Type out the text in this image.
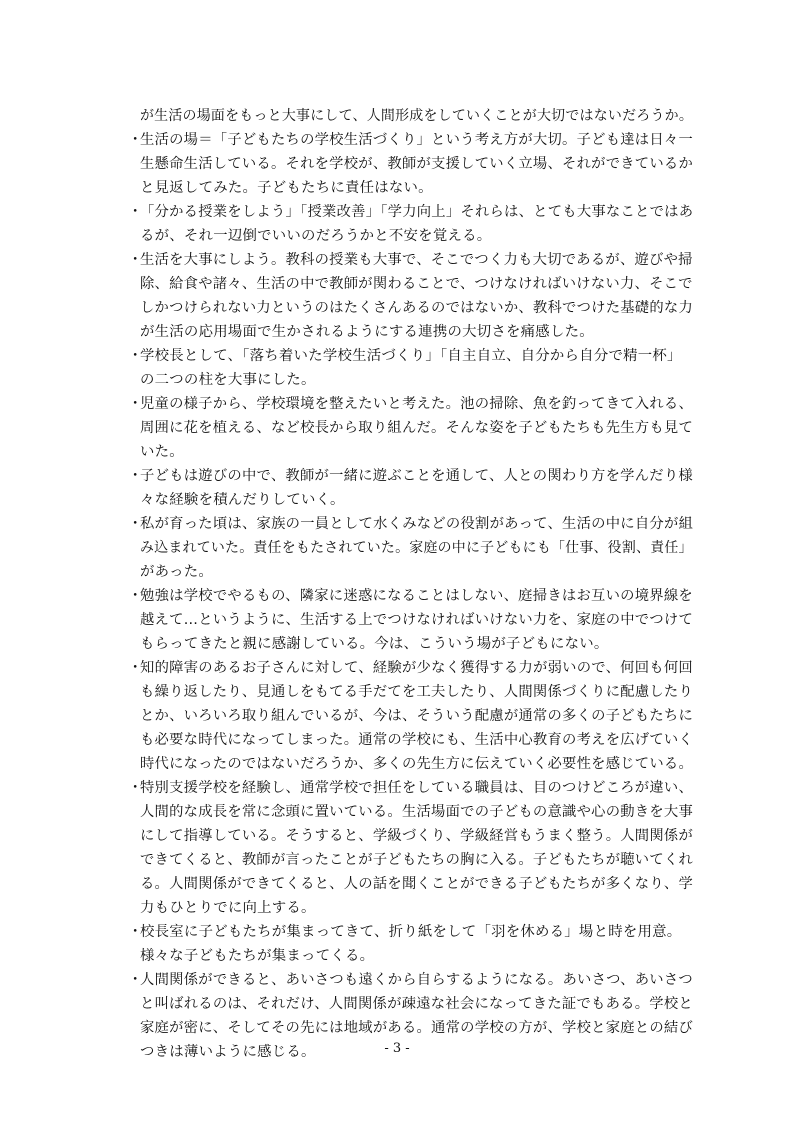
が生活の場面をもっと大事にして、人間形成をしていくことが大切ではないだろうか。
・
生活の場＝「子どもたちの学校生活づくり」という考え方が大切。子ども達は日々一
生懸命生活している。それを学校が、教師が支援していく立場、それができているか
と見返してみた。子どもたちに責任はない。
・
「分かる授業をしよう」「授業改善」「学力向上」それらは、とても大事なことではあ
るが、それ一辺倒でいいのだろうかと不安を覚える。
・
生活を大事にしよう。教科の授業も大事で、そこでつく力も大切であるが、遊びや掃
除、給食や諸々、生活の中で教師が関わることで、つけなければいけない力、そこで
しかつけられない力というのはたくさんあるのではないか、教科でつけた基礎的な力
が生活の応用場面で生かされるようにする連携の大切さを痛感した。
・
学校長として、「落ち着いた学校生活づくり」「自主自立、自分から自分で精一杯」
の二つの柱を大事にした。
・
児童の様子から、学校環境を整えたいと考えた。池の掃除、魚を釣ってきて入れる、
周囲に花を植える、など校長から取り組んだ。そんな姿を子どもたちも先生方も見て
いた。
・
子どもは遊びの中で、教師が一緒に遊ぶことを通して、人との関わり方を学んだり様
々な経験を積んだりしていく。
・
私が育った頃は、家族の一員として水くみなどの役割があって、生活の中に自分が組
み込まれていた。責任をもたされていた。家庭の中に子どもにも「仕事、役割、責任」
があった。
・
勉強は学校でやるもの、隣家に迷惑になることはしない、庭掃きはお互いの境界線を
越えて…というように、生活する上でつけなければいけない力を、家庭の中でつけて
もらってきたと親に感謝している。今は、こういう場が子どもにない。
・
知的障害のあるお子さんに対して、経験が少なく獲得する力が弱いので、何回も何回
も繰り返したり、見通しをもてる手だてを工夫したり、人間関係づくりに配慮したり
とか、いろいろ取り組んでいるが、今は、そういう配慮が通常の多くの子どもたちに
も必要な時代になってしまった。通常の学校にも、生活中心教育の考えを広げていく
時代になったのではないだろうか、多くの先生方に伝えていく必要性を感じている。
・
特別支援学校を経験し、通常学校で担任をしている職員は、目のつけどころが違い、
人間的な成長を常に念頭に置いている。生活場面での子どもの意識や心の動きを大事
にして指導している。そうすると、学級づくり、学級経営もうまく整う。人間関係が
できてくると、教師が言ったことが子どもたちの胸に入る。子どもたちが聴いてくれ
る。人間関係ができてくると、人の話を聞くことができる子どもたちが多くなり、学
力もひとりでに向上する。
・
校長室に子どもたちが集まってきて、折り紙をして「羽を休める」場と時を用意。
様々な子どもたちが集まってくる。
・
人間関係ができると、あいさつも遠くから自らするようになる。あいさつ、あいさつ
と叫ばれるのは、それだけ、人間関係が疎遠な社会になってきた証でもある。学校と
家庭が密に、そしてその先には地域がある。通常の学校の方が、学校と家庭との結び
つきは薄いように感じる。	- 3 -
